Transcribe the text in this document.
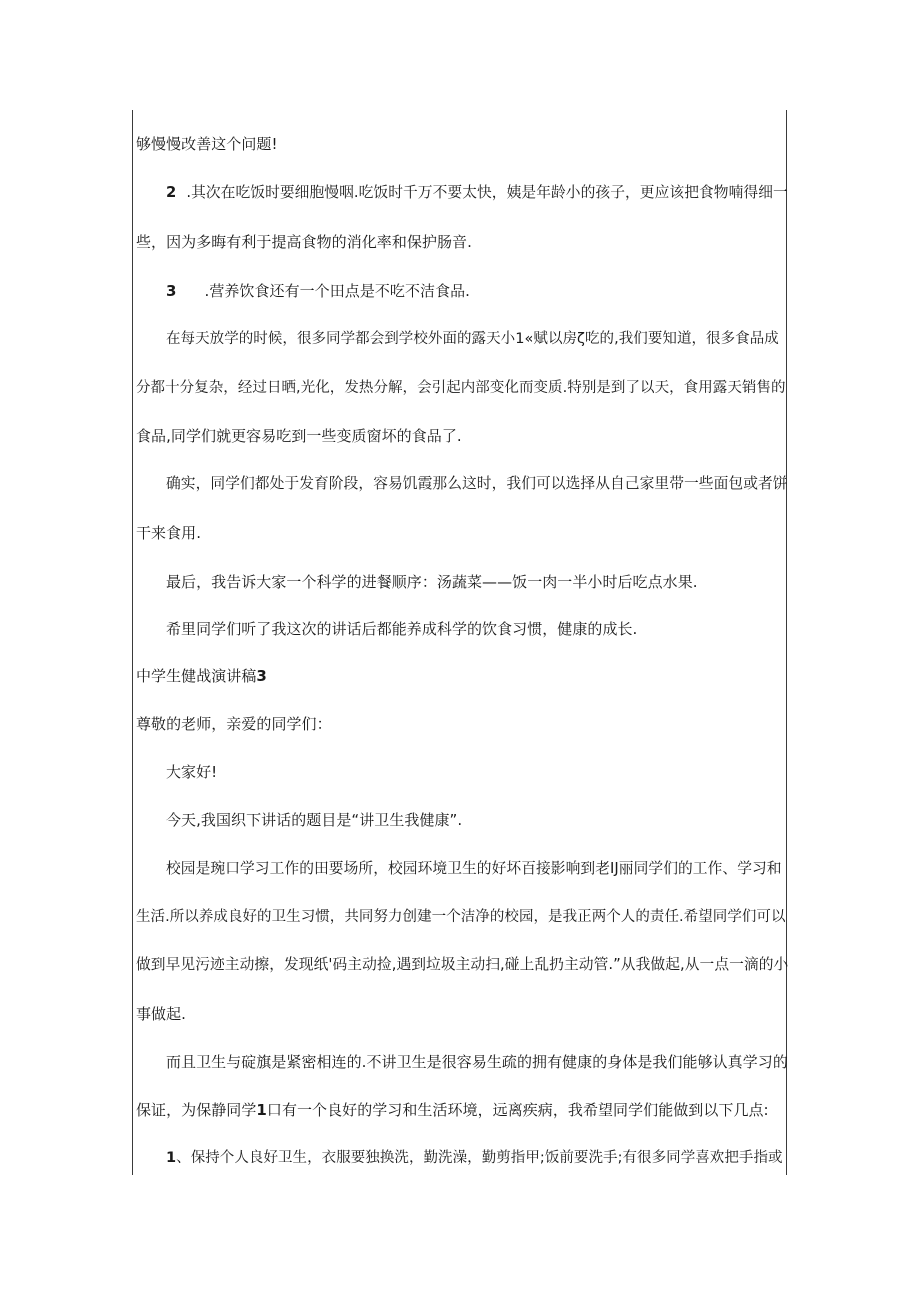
够慢慢改善这个问题!
2 .其次在吃饭时要细胞慢咽.吃饭时千万不要太快，姨是年龄小的孩子，更应该把食物喃得细一
些，因为多晦有利于提高食物的消化率和保护肠音.
3 .营养饮食还有一个田点是不吃不洁食品.
在每天放学的时候，很多同学都会到学校外面的露天小1«赋以房ζ吃的,我们要知道，很多食品成
分都十分复杂，经过日晒,光化，发热分解，会引起内部变化而变质.特别是到了以天，食用露天销售的
食品,同学们就更容易吃到一些变质窗坏的食品了.
确实，同学们都处于发育阶段，容易饥霞那么这时，我们可以选择从自己家里带一些面包或者饼
干来食用.
最后，我告诉大家一个科学的进餐顺序：汤蔬菜——饭一肉一半小时后吃点水果.
希里同学们听了我这次的讲话后都能养成科学的饮食习惯，健康的成长.
中学生健战演讲稿3
尊敬的老师，亲爱的同学们：
大家好!
今天,我国织下讲话的题目是“讲卫生我健康”.
校园是琬口学习工作的田要场所，校园环境卫生的好坏百接影响到老IJ丽同学们的工作、学习和
生活.所以养成良好的卫生习惯，共同努力创建一个洁净的校园，是我正两个人的责任.希望同学们可以
做到早见污迹主动擦，发现纸'码主动捡,遇到垃圾主动扫,碰上乱扔主动管.”从我做起,从一点一滴的小
事做起.
而且卫生与碇旗是紧密相连的.不讲卫生是很容易生疏的拥有健康的身体是我们能够认真学习的
保证，为保静同学1口有一个良好的学习和生活环境，远离疾病，我希望同学们能做到以下几点:
1、保持个人良好卫生，衣服要独换洗，勤洗澡，勤剪指甲;饭前要洗手;有很多同学喜欢把手指或
